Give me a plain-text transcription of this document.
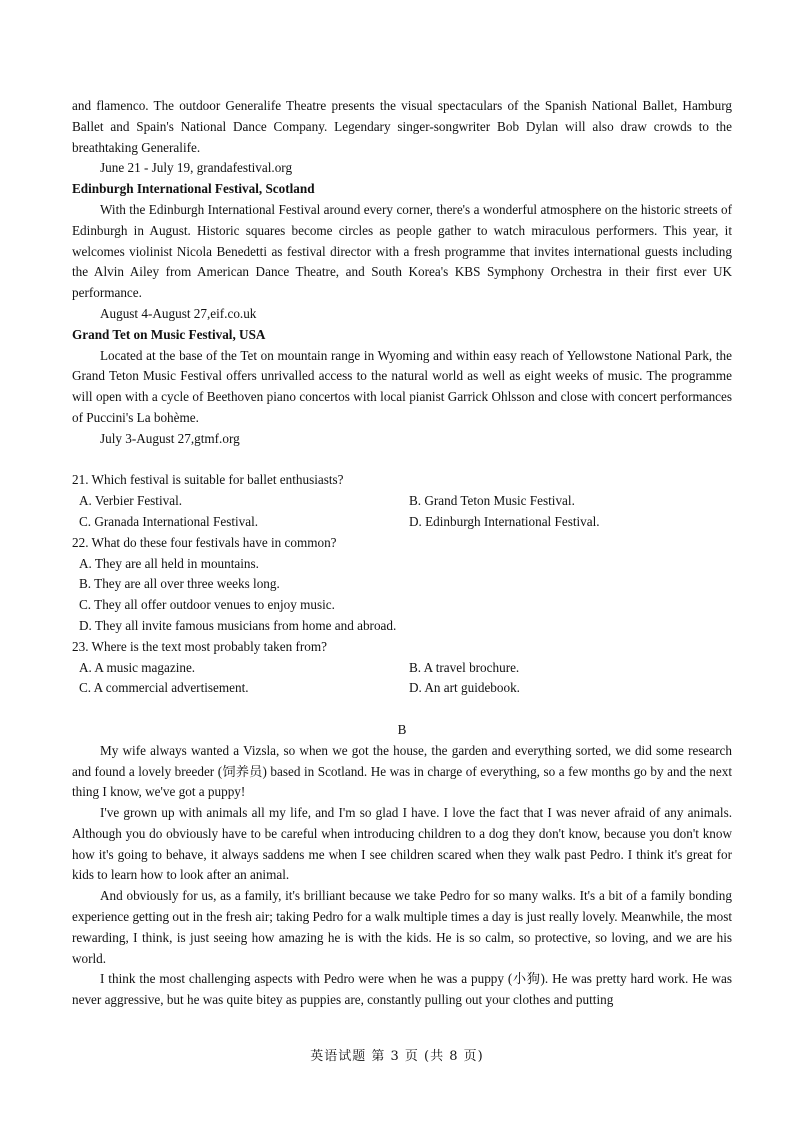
and flamenco. The outdoor Generalife Theatre presents the visual spectaculars of the Spanish National Ballet, Hamburg Ballet and Spain's National Dance Company. Legendary singer-songwriter Bob Dylan will also draw crowds to the breathtaking Generalife.

June 21 - July 19, grandafestival.org

Edinburgh International Festival, Scotland

With the Edinburgh International Festival around every corner, there's a wonderful atmosphere on the historic streets of Edinburgh in August. Historic squares become circles as people gather to watch miraculous performers. This year, it welcomes violinist Nicola Benedetti as festival director with a fresh programme that invites international guests including the Alvin Ailey from American Dance Theatre, and South Korea's KBS Symphony Orchestra in their first ever UK performance.

August 4-August 27,eif.co.uk

Grand Tet on Music Festival, USA

Located at the base of the Tet on mountain range in Wyoming and within easy reach of Yellowstone National Park, the Grand Teton Music Festival offers unrivalled access to the natural world as well as eight weeks of music. The programme will open with a cycle of Beethoven piano concertos with local pianist Garrick Ohlsson and close with concert performances of Puccini's La bohème.

July 3-August 27,gtmf.org

21. Which festival is suitable for ballet enthusiasts?

A. Verbier Festival.	B. Grand Teton Music Festival.
C. Granada International Festival.	D. Edinburgh International Festival.

22. What do these four festivals have in common?

A. They are all held in mountains.
B. They are all over three weeks long.
C. They all offer outdoor venues to enjoy music.
D. They all invite famous musicians from home and abroad.

23. Where is the text most probably taken from?

A. A music magazine.	B. A travel brochure.
C. A commercial advertisement.	D. An art guidebook.

B

My wife always wanted a Vizsla, so when we got the house, the garden and everything sorted, we did some research and found a lovely breeder (饲养员) based in Scotland. He was in charge of everything, so a few months go by and the next thing I know, we've got a puppy!

I've grown up with animals all my life, and I'm so glad I have. I love the fact that I was never afraid of any animals. Although you do obviously have to be careful when introducing children to a dog they don't know, because you don't know how it's going to behave, it always saddens me when I see children scared when they walk past Pedro. I think it's great for kids to learn how to look after an animal.

And obviously for us, as a family, it's brilliant because we take Pedro for so many walks. It's a bit of a family bonding experience getting out in the fresh air; taking Pedro for a walk multiple times a day is just really lovely. Meanwhile, the most rewarding, I think, is just seeing how amazing he is with the kids. He is so calm, so protective, so loving, and we are his world.

I think the most challenging aspects with Pedro were when he was a puppy (小狗). He was pretty hard work. He was never aggressive, but he was quite bitey as puppies are, constantly pulling out your clothes and putting

英语试题 第 3 页 (共 8 页)
